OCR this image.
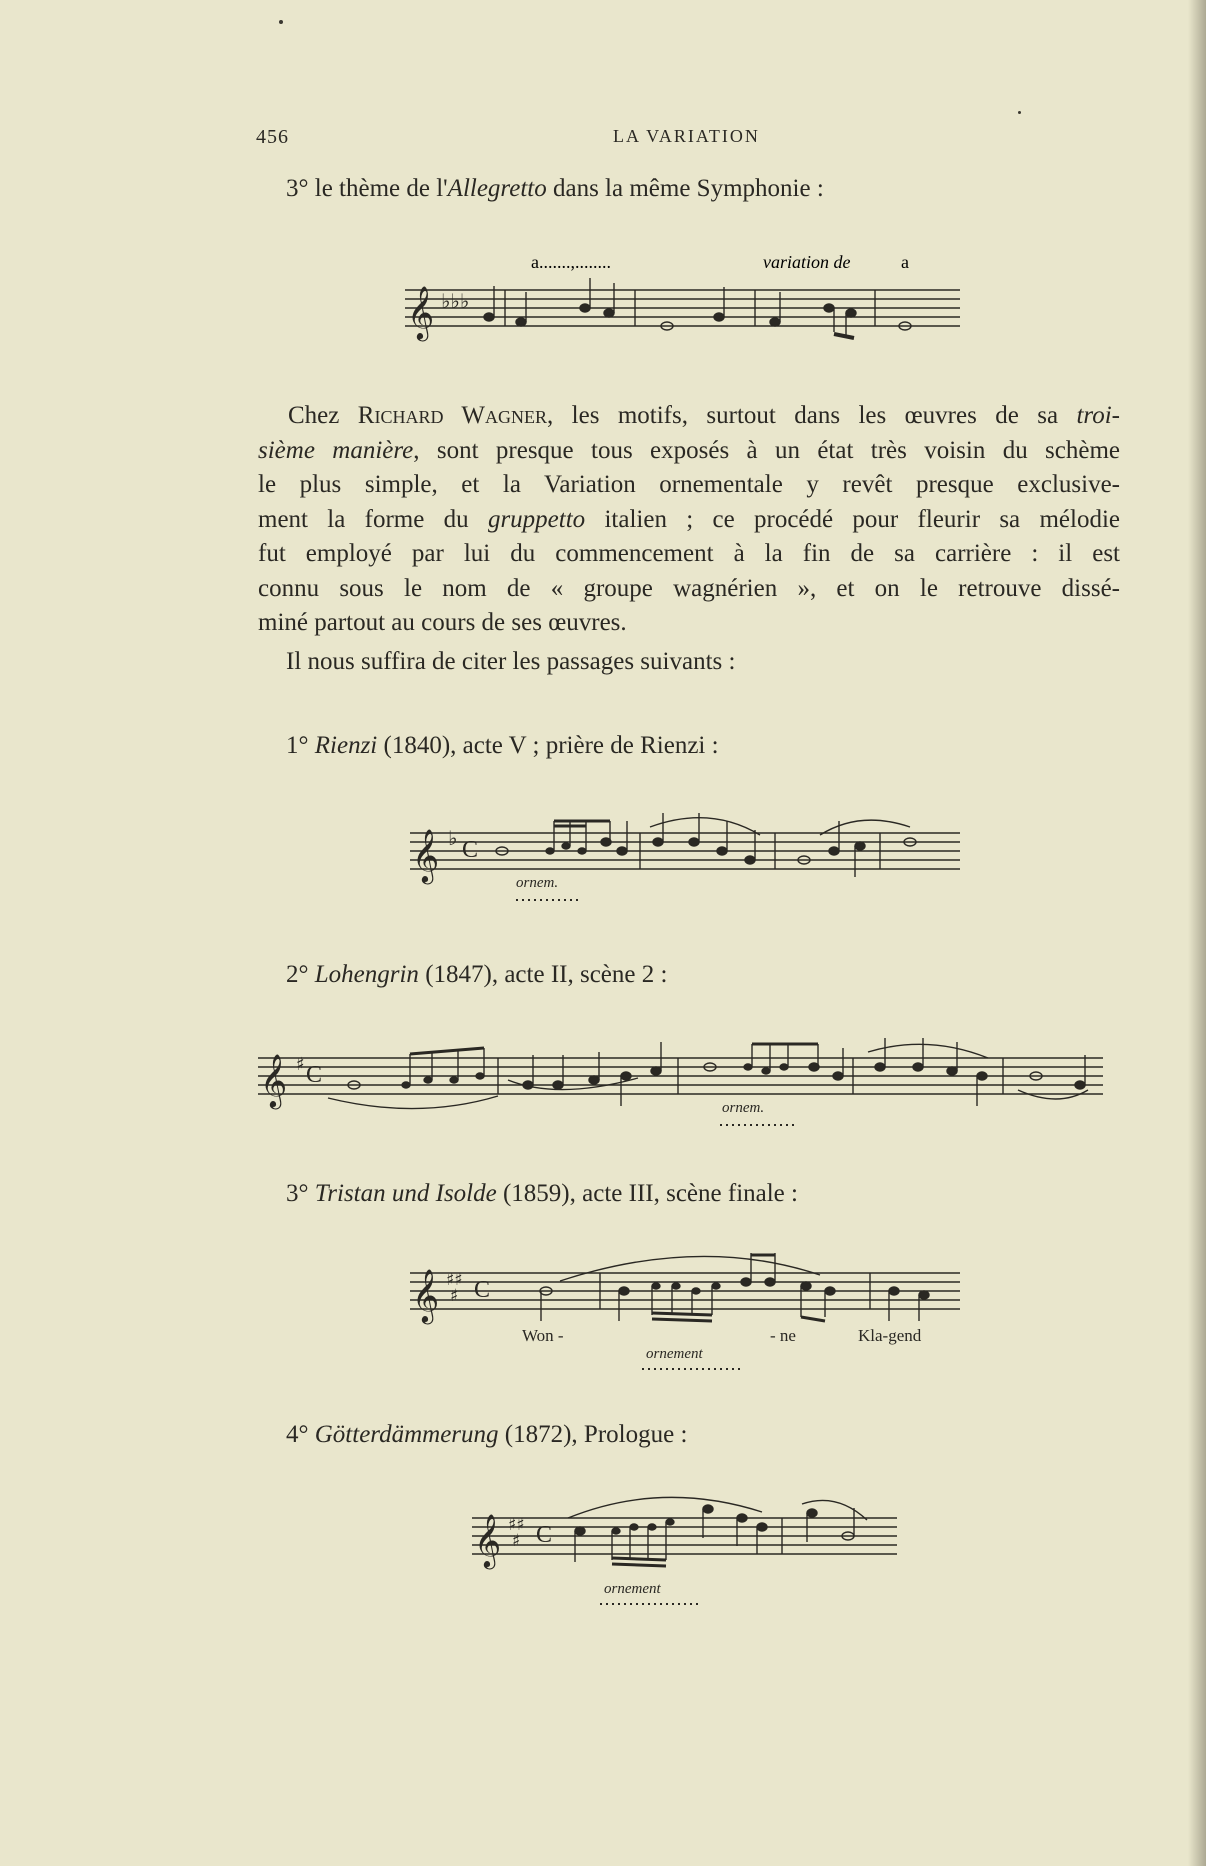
456	LA VARIATION
3° le thème de l'Allegretto dans la même Symphonie :
a.......,........	variation de	a
𝄞 ♭♭♭
Chez Richard Wagner, les motifs, surtout dans les œuvres de sa troi-
sième manière, sont presque tous exposés à un état très voisin du schème
le plus simple, et la Variation ornementale y revêt presque exclusive-
ment la forme du gruppetto italien ; ce procédé pour fleurir sa mélodie
fut employé par lui du commencement à la fin de sa carrière : il est
connu sous le nom de « groupe wagnérien », et on le retrouve dissé-
miné partout au cours de ses œuvres.
Il nous suffira de citer les passages suivants :
1° Rienzi (1840), acte V ; prière de Rienzi :
𝄞 ♭ C
ornem.
2° Lohengrin (1847), acte II, scène 2 :
𝄞 ♯ C
ornem.
3° Tristan und Isolde (1859), acte III, scène finale :
𝄞 ♯♯
♯ C
Won -	- ne	Kla-gend
ornement
4° Götterdämmerung (1872), Prologue :
𝄞 ♯♯
♯ C
ornement
